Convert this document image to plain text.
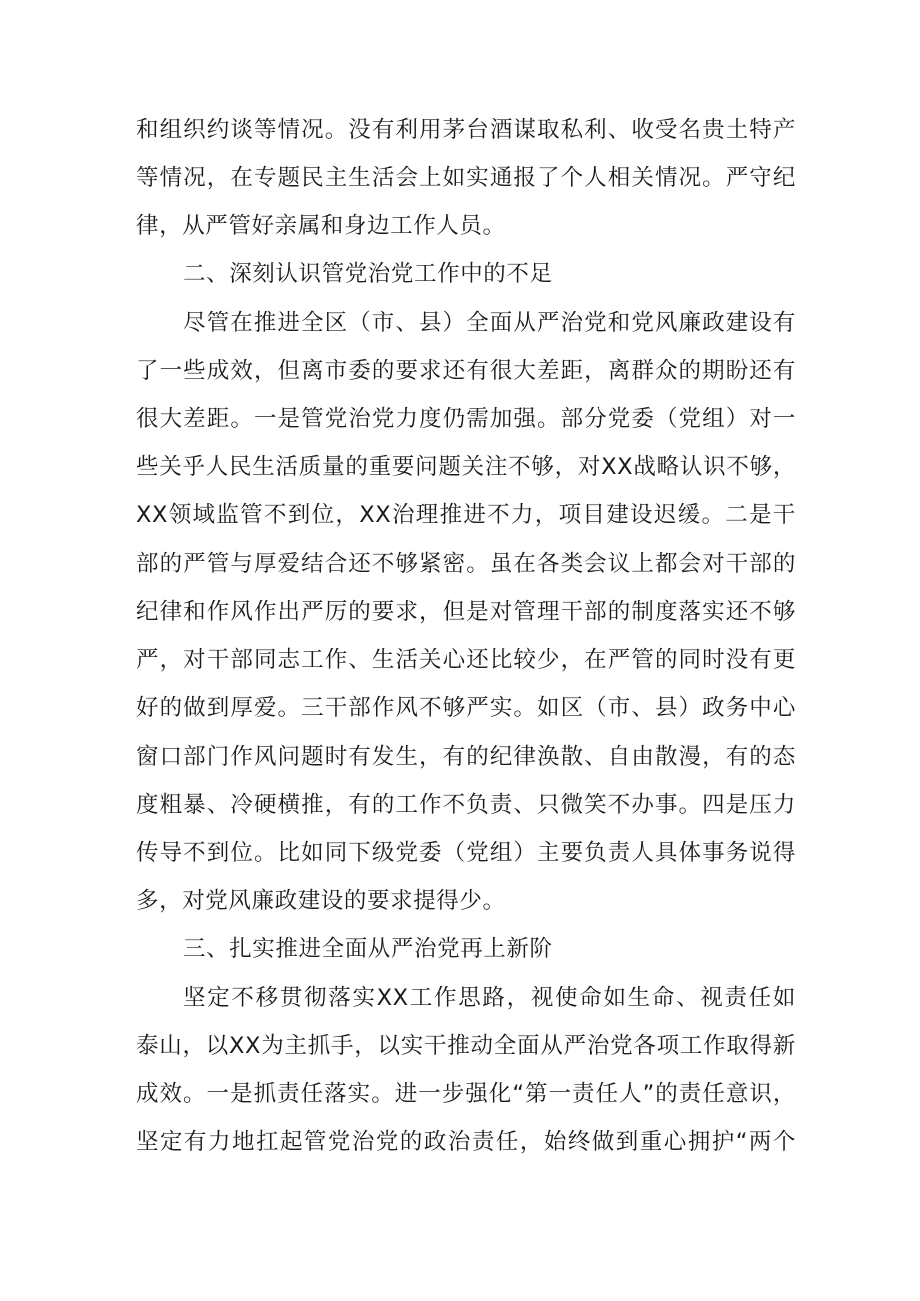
和组织约谈等情况。没有利用茅台酒谋取私利、收受名贵土特产
等情况，在专题民主生活会上如实通报了个人相关情况。严守纪
律，从严管好亲属和身边工作人员。
二、深刻认识管党治党工作中的不足
尽管在推进全区（市、县）全面从严治党和党风廉政建设有
了一些成效，但离市委的要求还有很大差距，离群众的期盼还有
很大差距。一是管党治党力度仍需加强。部分党委（党组）对一
些关乎人民生活质量的重要问题关注不够，对XX战略认识不够，
XX领域监管不到位，XX治理推进不力，项目建设迟缓。二是干
部的严管与厚爱结合还不够紧密。虽在各类会议上都会对干部的
纪律和作风作出严厉的要求，但是对管理干部的制度落实还不够
严，对干部同志工作、生活关心还比较少，在严管的同时没有更
好的做到厚爱。三干部作风不够严实。如区（市、县）政务中心
窗口部门作风问题时有发生，有的纪律涣散、自由散漫，有的态
度粗暴、冷硬横推，有的工作不负责、只微笑不办事。四是压力
传导不到位。比如同下级党委（党组）主要负责人具体事务说得
多，对党风廉政建设的要求提得少。
三、扎实推进全面从严治党再上新阶
坚定不移贯彻落实XX工作思路，视使命如生命、视责任如
泰山，以XX为主抓手，以实干推动全面从严治党各项工作取得新
成效。一是抓责任落实。进一步强化“第一责任人”的责任意识，
坚定有力地扛起管党治党的政治责任，始终做到重心拥护“两个
